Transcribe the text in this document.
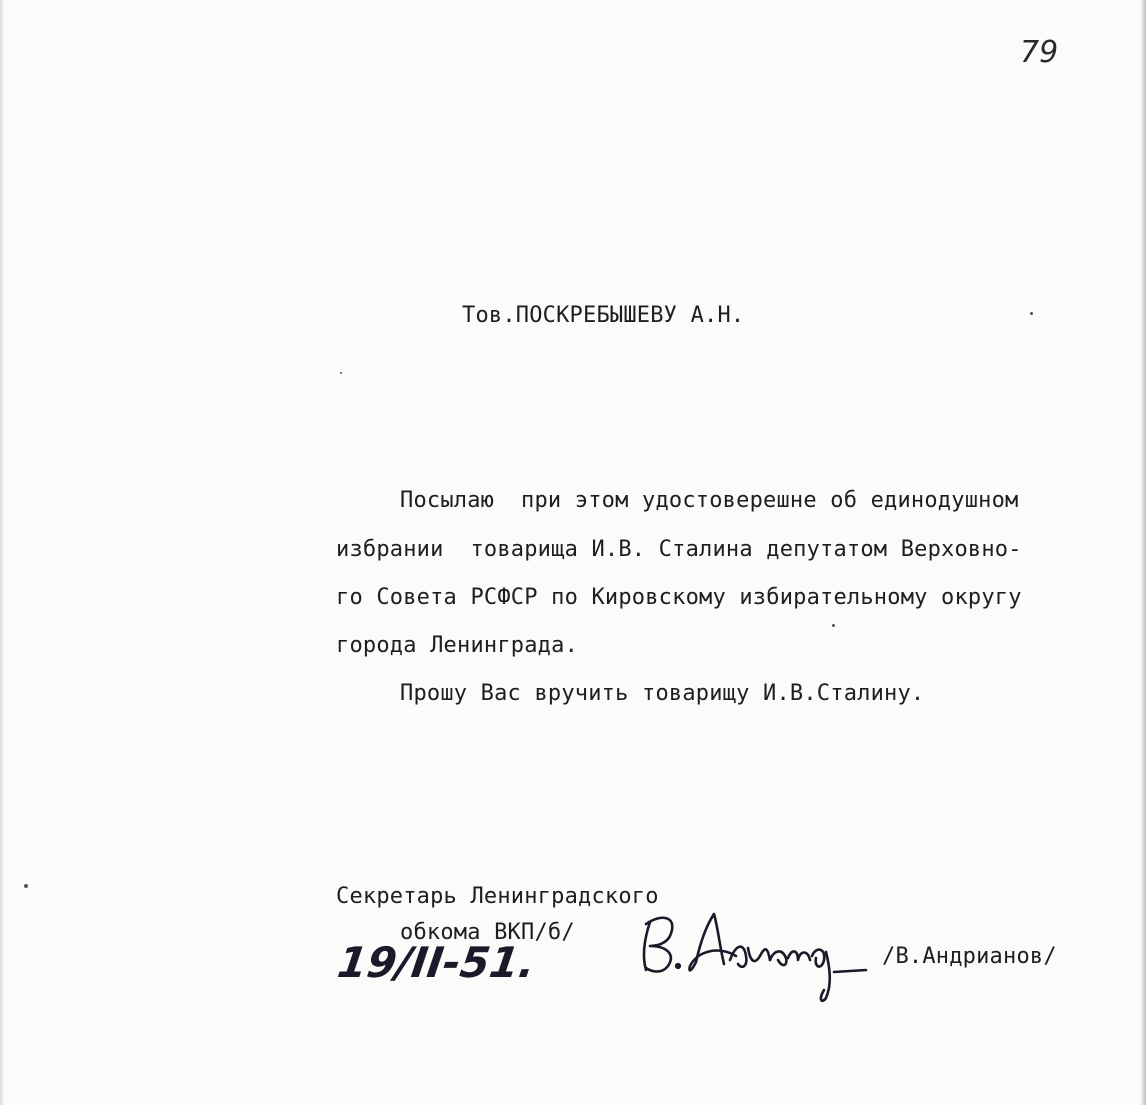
79
Тов.ПОСКРЕБЫШЕВУ А.Н.
Посылаю  при этом удостоверешне об единодушном
избрании  товарища И.В. Сталина депутатом Верховно-
го Совета РСФСР по Кировскому избирательному округу
города Ленинграда.
Прошу Вас вручить товарищу И.В.Сталину.
Секретарь Ленинградского
обкома ВКП/б/
19/II-51.	/В.Андрианов/
